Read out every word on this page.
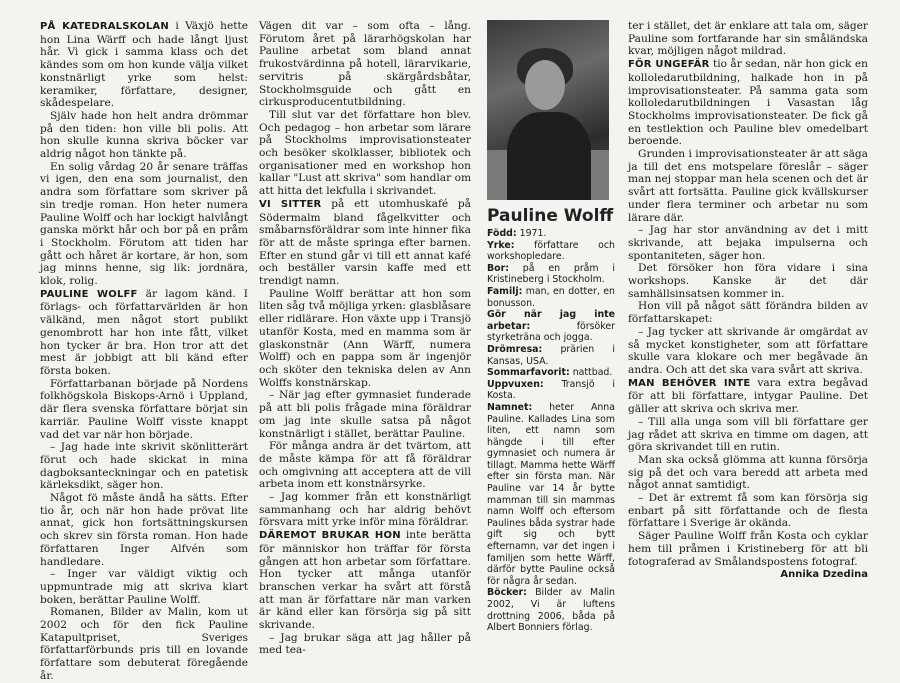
PÅ KATEDRALSKOLAN i Växjö hette hon Lina Wärff och hade långt ljust hår. Vi gick i samma klass och det kändes som om hon kunde välja vilket konstnärligt yrke som helst: keramiker, författare, designer, skådespelare.

Själv hade hon helt andra drömmar på den tiden: hon ville bli polis. Att hon skulle kunna skriva böcker var aldrig något hon tänkte på.

En solig vårdag 20 år senare träffas vi igen, den ena som journalist, den andra som författare som skriver på sin tredje roman. Hon heter numera Pauline Wolff och har lockigt halvlångt ganska mörkt hår och bor på en pråm i Stockholm. Förutom att tiden har gått och håret är kortare, är hon, som jag minns henne, sig lik: jordnära, klok, rolig.

PAULINE WOLFF är lagom känd. I förlags- och författarvärlden är hon välkänd, men något stort publikt genombrott har hon inte fått, vilket hon tycker är bra. Hon tror att det mest är jobbigt att bli känd efter första boken.

Författarbanan började på Nordens folkhögskola Biskops-Arnö i Uppland, där flera svenska författare börjat sin karriär. Pauline Wolff visste knappt vad det var när hon började.

– Jag hade inte skrivit skönlitterärt förut och hade skickat in mina dagboksanteckningar och en patetisk kärleksdikt, säger hon.

Något fö måste ändå ha sätts. Efter tio år, och när hon hade prövat lite annat, gick hon fortsättningskursen och skrev sin första roman. Hon hade författaren Inger Alfvén som handledare.

– Inger var väldigt viktig och uppmuntrade mig att skriva klart boken, berättar Pauline Wolff.

Romanen, Bilder av Malin, kom ut 2002 och för den fick Pauline Katapultpriset, Sveriges författarförbunds pris till en lovande författare som debuterat föregående år.

Vägen dit var – som ofta – lång. Förutom året på lärarhögskolan har Pauline arbetat som bland annat frukostvärdinna på hotell, lärarvikarie, servitris på skärgårdsbåtar, Stockholmsguide och gått en cirkusproducentutbildning.

Till slut var det författare hon blev. Och pedagog – hon arbetar som lärare på Stockholms improvisationsteater och besöker skolklasser, bibliotek och organisationer med en workshop hon kallar "Lust att skriva" som handlar om att hitta det lekfulla i skrivandet.

VI SITTER på ett utomhuskafé på Södermalm bland fågelkvitter och småbarnsföräldrar som inte hinner fika för att de måste springa efter barnen. Efter en stund går vi till ett annat kafé och beställer varsin kaffe med ett trendigt namn.

Pauline Wolff berättar att hon som liten såg två möjliga yrken: glasblåsare eller ridlärare. Hon växte upp i Transjö utanför Kosta, med en mamma som är glaskonstnär (Ann Wärff, numera Wolff) och en pappa som är ingenjör och sköter den tekniska delen av Ann Wolffs konstnärskap.

– När jag efter gymnasiet funderade på att bli polis frågade mina föräldrar om jag inte skulle satsa på något konstnärligt i stället, berättar Pauline.

För många andra är det tvärtom, att de måste kämpa för att få föräldrar och omgivning att acceptera att de vill arbeta inom ett konstnärsyrke.

– Jag kommer från ett konstnärligt sammanhang och har aldrig behövt försvara mitt yrke inför mina föräldrar.

DÄREMOT BRUKAR HON inte berätta för människor hon träffar för första gången att hon arbetar som författare. Hon tycker att många utanför branschen verkar ha svårt att förstå att man är författare när man varken är känd eller kan försörja sig på sitt skrivande.

– Jag brukar säga att jag håller på med tea-

Pauline Wolff

Född: 1971.

Yrke: författare och workshopledare.

Bor: på en pråm i Kristineberg i Stockholm.

Familj: man, en dotter, en bonusson.

Gör när jag inte arbetar: försöker styrketräna och jogga.

Drömresa: prärien i Kansas, USA.

Sommarfavorit: nattbad.

Uppvuxen: Transjö i Kosta.

Namnet: heter Anna Pauline. Kallades Lina som liten, ett namn som hängde i till efter gymnasiet och numera är tillagt. Mamma hette Wärff efter sin första man. När Pauline var 14 år bytte mamman till sin mammas namn Wolff och eftersom Paulines båda systrar hade gift sig och bytt efternamn, var det ingen i familjen som hette Wärff, därför bytte Pauline också för några år sedan.

Böcker: Bilder av Malin 2002, Vi är luftens drottning 2006, båda på Albert Bonniers förlag.

ter i stället, det är enklare att tala om, säger Pauline som fortfarande har sin småländska kvar, möjligen något mildrad.

FÖR UNGEFÄR tio år sedan, när hon gick en kolloledarutbildning, halkade hon in på improvisationsteater. På samma gata som kolloledarutbildningen i Vasastan låg Stockholms improvisationsteater. De fick gå en testlektion och Pauline blev omedelbart beroende.

Grunden i improvisationsteater är att säga ja till det ens motspelare föreslår – säger man nej stoppar man hela scenen och det är svårt att fortsätta. Pauline gick kvällskurser under flera terminer och arbetar nu som lärare där.

– Jag har stor användning av det i mitt skrivande, att bejaka impulserna och spontaniteten, säger hon.

Det försöker hon föra vidare i sina workshops. Kanske är det där samhällsinsatsen kommer in.

Hon vill på något sätt förändra bilden av författarskapet:

– Jag tycker att skrivande är omgärdat av så mycket konstigheter, som att författare skulle vara klokare och mer begåvade än andra. Och att det ska vara svårt att skriva.

MAN BEHÖVER INTE vara extra begåvad för att bli författare, intygar Pauline. Det gäller att skriva och skriva mer.

– Till alla unga som vill bli författare ger jag rådet att skriva en timme om dagen, att göra skrivandet till en rutin.

Man ska också glömma att kunna försörja sig på det och vara beredd att arbeta med något annat samtidigt.

– Det är extremt få som kan försörja sig enbart på sitt författande och de flesta författare i Sverige är okända.

Säger Pauline Wolff från Kosta och cyklar hem till pråmen i Kristineberg för att bli fotograferad av Smålandspostens fotograf.

Annika Dzedina
